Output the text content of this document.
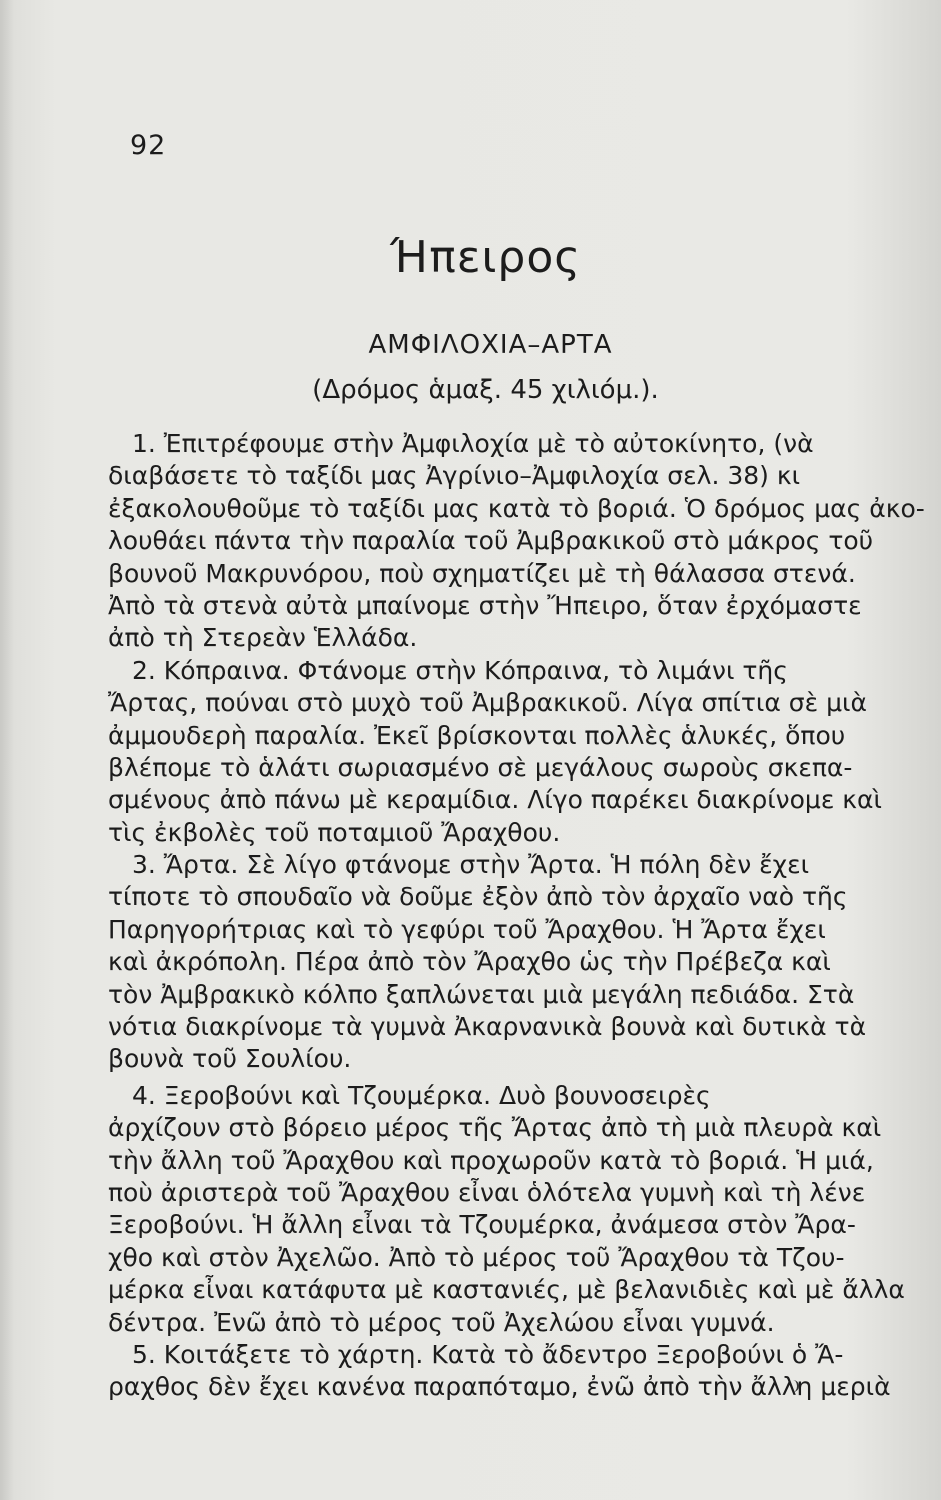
92
Ήπειρος
ΑΜΦΙΛΟΧΙΑ–ΑΡΤΑ
(Δρόμος ἁμαξ. 45 χιλιόμ.).
1. Ἐπιτρέφουμε στὴν Ἀμφιλοχία μὲ τὸ αὐτοκίνητο, (νὰ
διαβάσετε τὸ ταξίδι μας Ἀγρίνιο–Ἀμφιλοχία σελ. 38) κι
ἐξακολουθοῦμε τὸ ταξίδι μας κατὰ τὸ βοριά. Ὁ δρόμος μας ἀκο-
λουθάει πάντα τὴν παραλία τοῦ Ἀμβρακικοῦ στὸ μάκρος τοῦ
βουνοῦ Μακρυνόρου, ποὺ σχηματίζει μὲ τὴ θάλασσα στενά.
Ἀπὸ τὰ στενὰ αὐτὰ μπαίνομε στὴν Ἤπειρο, ὅταν ἐρχόμαστε
ἀπὸ τὴ Στερεὰν Ἑλλάδα.
2. Κόπραινα. Φτάνομε στὴν Κόπραινα, τὸ λιμάνι τῆς
Ἄρτας, πούναι στὸ μυχὸ τοῦ Ἀμβρακικοῦ. Λίγα σπίτια σὲ μιὰ
ἀμμουδερὴ παραλία. Ἐκεῖ βρίσκονται πολλὲς ἁλυκές, ὅπου
βλέπομε τὸ ἁλάτι σωριασμένο σὲ μεγάλους σωροὺς σκεπα-
σμένους ἀπὸ πάνω μὲ κεραμίδια. Λίγο παρέκει διακρίνομε καὶ
τὶς ἐκβολὲς τοῦ ποταμιοῦ Ἄραχθου.
3. Ἄρτα. Σὲ λίγο φτάνομε στὴν Ἄρτα. Ἡ πόλη δὲν ἔχει
τίποτε τὸ σπουδαῖο νὰ δοῦμε ἐξὸν ἀπὸ τὸν ἀρχαῖο ναὸ τῆς
Παρηγορήτριας καὶ τὸ γεφύρι τοῦ Ἄραχθου. Ἡ Ἄρτα ἔχει
καὶ ἀκρόπολη. Πέρα ἀπὸ τὸν Ἄραχθο ὡς τὴν Πρέβεζα καὶ
τὸν Ἀμβρακικὸ κόλπο ξαπλώνεται μιὰ μεγάλη πεδιάδα. Στὰ
νότια διακρίνομε τὰ γυμνὰ Ἀκαρνανικὰ βουνὰ καὶ δυτικὰ τὰ
βουνὰ τοῦ Σουλίου.
4. Ξεροβούνι καὶ Τζουμέρκα. Δυὸ βουνοσειρὲς
ἀρχίζουν στὸ βόρειο μέρος τῆς Ἄρτας ἀπὸ τὴ μιὰ πλευρὰ καὶ
τὴν ἄλλη τοῦ Ἄραχθου καὶ προχωροῦν κατὰ τὸ βοριά. Ἡ μιά,
ποὺ ἀριστερὰ τοῦ Ἄραχθου εἶναι ὁλότελα γυμνὴ καὶ τὴ λένε
Ξεροβούνι. Ἡ ἄλλη εἶναι τὰ Τζουμέρκα, ἀνάμεσα στὸν Ἄρα-
χθο καὶ στὸν Ἀχελῶο. Ἀπὸ τὸ μέρος τοῦ Ἄραχθου τὰ Τζου-
μέρκα εἶναι κατάφυτα μὲ καστανιές, μὲ βελανιδιὲς καὶ μὲ ἄλλα
δέντρα. Ἐνῶ ἀπὸ τὸ μέρος τοῦ Ἀχελώου εἶναι γυμνά.
5. Κοιτάξετε τὸ χάρτη. Κατὰ τὸ ἄδεντρο Ξεροβούνι ὁ Ἄ-
ραχθος δὲν ἔχει κανένα παραπόταμο, ἐνῶ ἀπὸ τὴν ἄλλη μεριὰ
